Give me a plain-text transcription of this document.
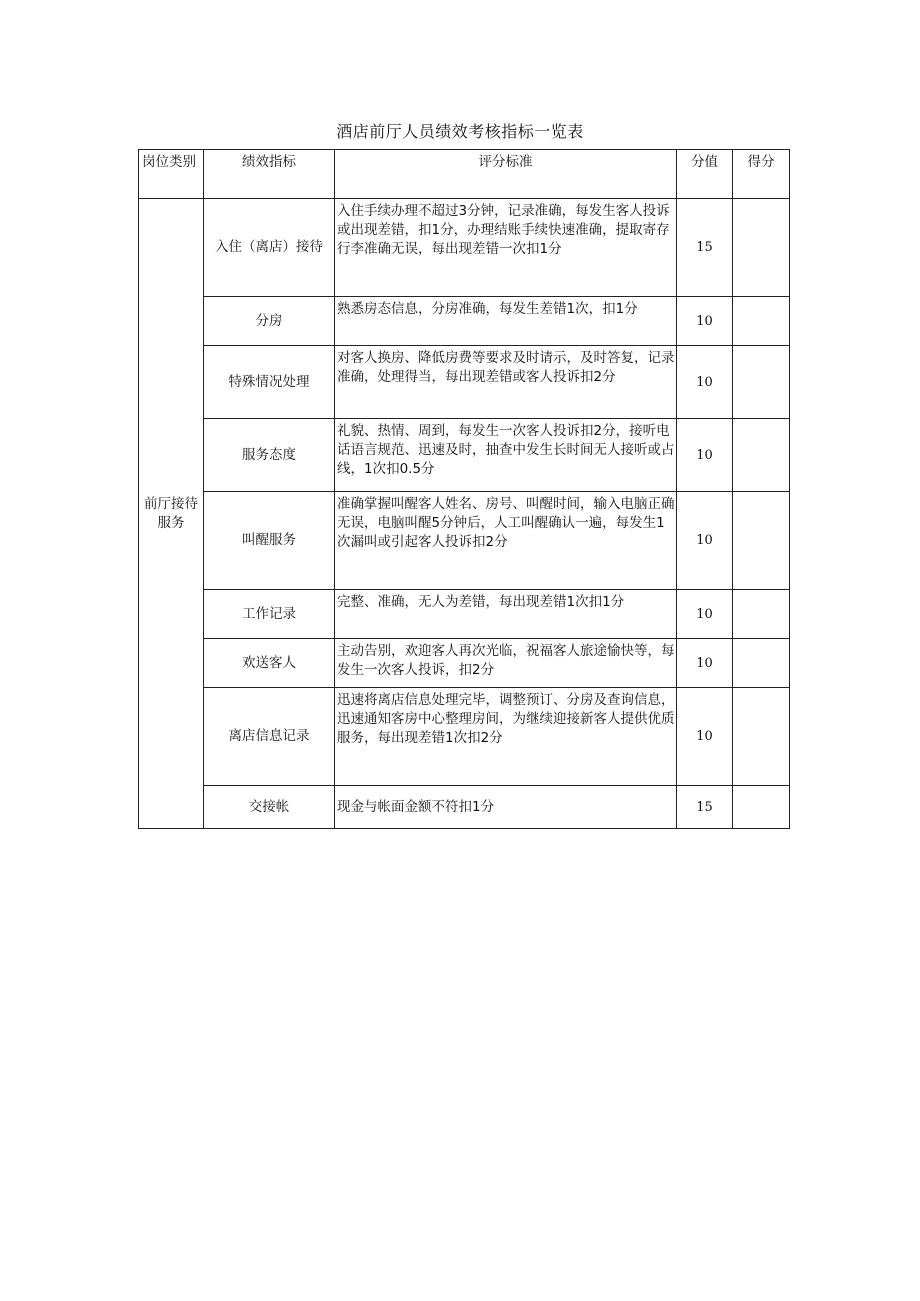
酒店前厅人员绩效考核指标一览表
岗位类别	绩效指标	评分标准	分值	得分
前厅接待服务	入住（离店）接待	入住手续办理不超过3分钟，记录准确，每发生客人投诉或出现差错，扣1分，办理结账手续快速准确，提取寄存行李准确无误，每出现差错一次扣1分	15	
	分房	熟悉房态信息，分房准确，每发生差错1次，扣1分	10	
	特殊情况处理	对客人换房、降低房费等要求及时请示，及时答复，记录准确，处理得当，每出现差错或客人投诉扣2分	10	
	服务态度	礼貌、热情、周到，每发生一次客人投诉扣2分，接听电话语言规范、迅速及时，抽查中发生长时间无人接听或占线，1次扣0.5分	10	
	叫醒服务	准确掌握叫醒客人姓名、房号、叫醒时间，输入电脑正确无误，电脑叫醒5分钟后，人工叫醒确认一遍，每发生1次漏叫或引起客人投诉扣2分	10	
	工作记录	完整、准确，无人为差错，每出现差错1次扣1分	10	
	欢送客人	主动告别，欢迎客人再次光临，祝福客人旅途愉快等，每发生一次客人投诉，扣2分	10	
	离店信息记录	迅速将离店信息处理完毕，调整预订、分房及查询信息，迅速通知客房中心整理房间，为继续迎接新客人提供优质服务，每出现差错1次扣2分	10	
	交接帐	现金与帐面金额不符扣1分	15	
